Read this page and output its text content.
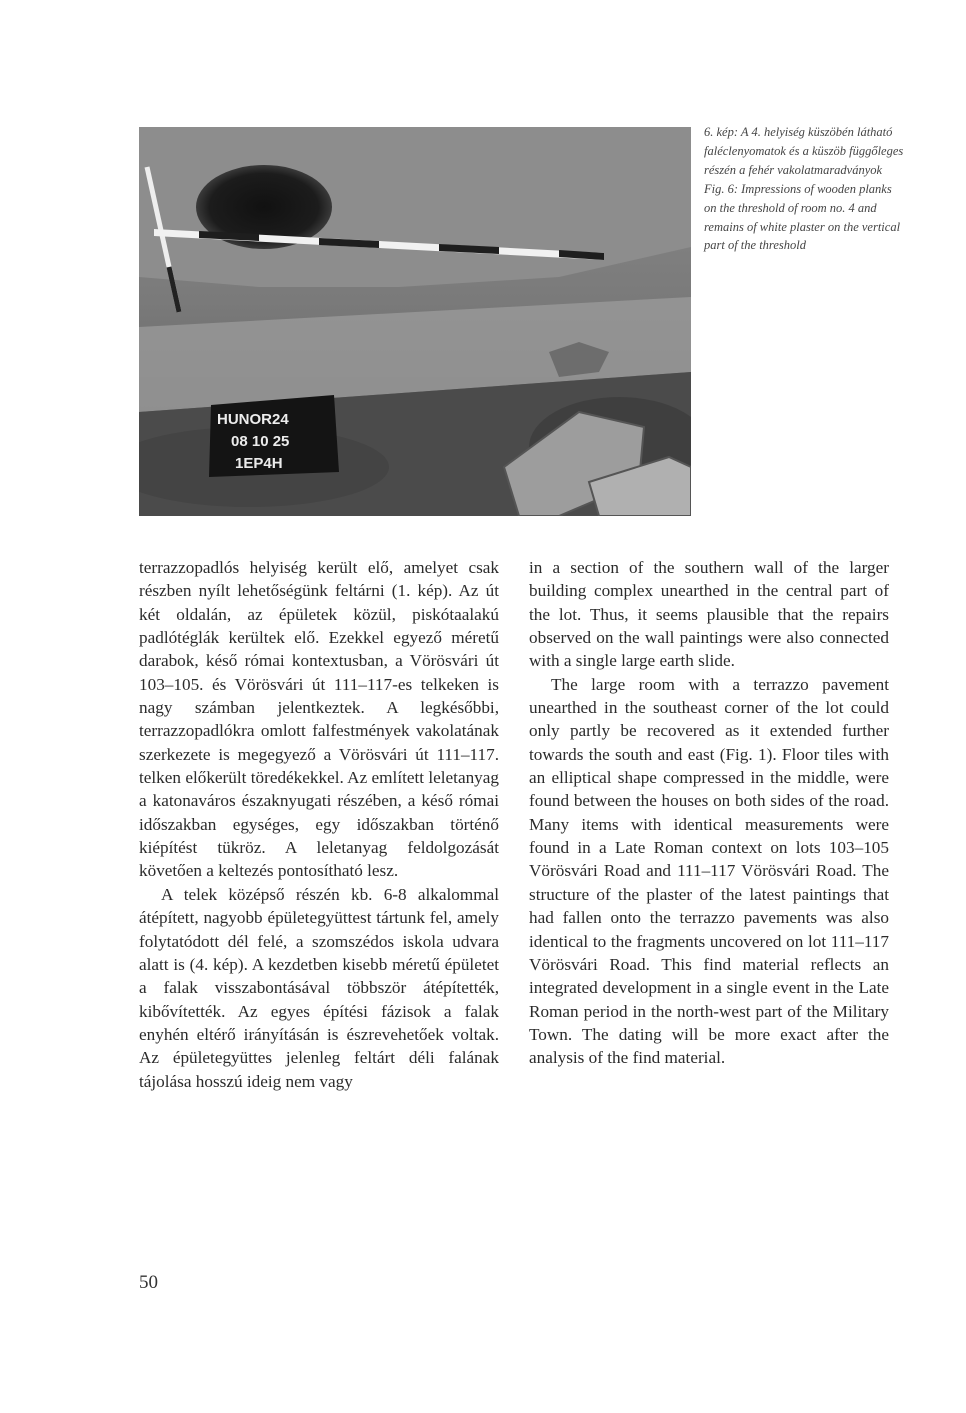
HUNOR24
08 10 25
1EP4H

6. kép: A 4. helyiség küszöbén látható faléclenyomatok és a küszöb függőleges részén a fehér vakolatmaradványok

Fig. 6: Impressions of wooden planks on the threshold of room no. 4 and remains of white plaster on the vertical part of the threshold

terrazzopadlós helyiség került elő, amelyet csak részben nyílt lehetőségünk feltárni (1. kép). Az út két oldalán, az épületek közül, piskótaalakú padlótéglák kerültek elő. Ezekkel egyező méretű darabok, késő római kontextusban, a Vörösvári út 103–105. és Vörösvári út 111–117-es telkeken is nagy számban jelentkeztek. A legkésőbbi, terrazzopadlókra omlott falfestmények vakolatának szerkezete is megegyező a Vörösvári út 111–117. telken előkerült töredékekkel. Az említett leletanyag a katonaváros északnyugati részében, a késő római időszakban egységes, egy időszakban történő kiépítést tükröz. A leletanyag feldolgozását követően a keltezés pontosítható lesz.

A telek középső részén kb. 6-8 alkalommal átépített, nagyobb épületegyüttest tártunk fel, amely folytatódott dél felé, a szomszédos iskola udvara alatt is (4. kép). A kezdetben kisebb méretű épületet a falak visszabontásával többször átépítették, kibővítették. Az egyes építési fázisok a falak enyhén eltérő irányításán is észrevehetőek voltak. Az épületegyüttes jelenleg feltárt déli falának tájolása hosszú ideig nem vagy

in a section of the southern wall of the larger building complex unearthed in the central part of the lot. Thus, it seems plausible that the repairs observed on the wall paintings were also connected with a single large earth slide.

The large room with a terrazzo pavement unearthed in the southeast corner of the lot could only partly be recovered as it extended further towards the south and east (Fig. 1). Floor tiles with an elliptical shape compressed in the middle, were found between the houses on both sides of the road. Many items with identical measurements were found in a Late Roman context on lots 103–105 Vörösvári Road and 111–117 Vörösvári Road. The structure of the plaster of the latest paintings that had fallen onto the terrazzo pavements was also identical to the fragments uncovered on lot 111–117 Vörösvári Road. This find material reflects an integrated development in a single event in the Late Roman period in the north-west part of the Military Town. The dating will be more exact after the analysis of the find material.

50
